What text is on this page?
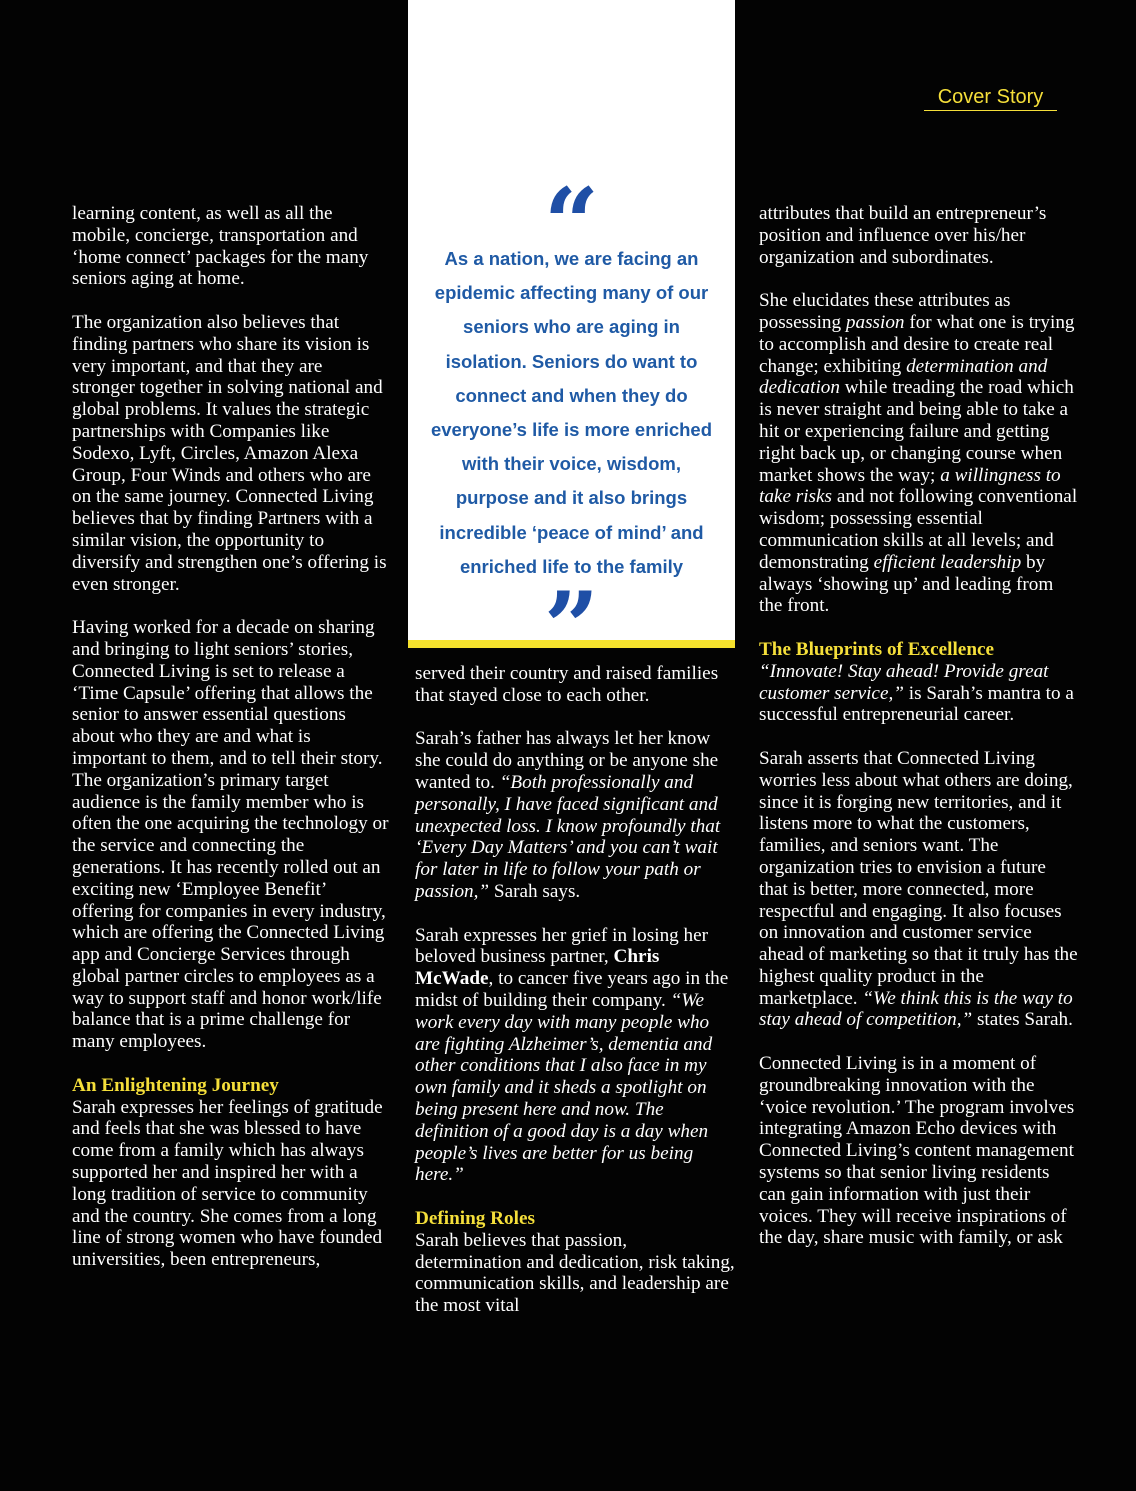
Cover Story
“
As a nation, we are facing an epidemic affecting many of our seniors who are aging in isolation. Seniors do want to connect and when they do everyone’s life is more enriched with their voice, wisdom, purpose and it also brings incredible ‘peace of mind’ and enriched life to the family
”

learning content, as well as all the mobile, concierge, transportation and ‘home connect’ packages for the many seniors aging at home.

The organization also believes that finding partners who share its vision is very important, and that they are stronger together in solving national and global problems. It values the strategic partnerships with Companies like Sodexo, Lyft, Circles, Amazon Alexa Group, Four Winds and others who are on the same journey. Connected Living believes that by finding Partners with a similar vision, the opportunity to diversify and strengthen one’s offering is even stronger.

Having worked for a decade on sharing and bringing to light seniors’ stories, Connected Living is set to release a ‘Time Capsule’ offering that allows the senior to answer essential questions about who they are and what is important to them, and to tell their story. The organization’s primary target audience is the family member who is often the one acquiring the technology or the service and connecting the generations. It has recently rolled out an exciting new ‘Employee Benefit’ offering for companies in every industry, which are offering the Connected Living app and Concierge Services through global partner circles to employees as a way to support staff and honor work/life balance that is a prime challenge for many employees.

An Enlightening Journey
Sarah expresses her feelings of gratitude and feels that she was blessed to have come from a family which has always supported her and inspired her with a long tradition of service to community and the country. She comes from a long line of strong women who have founded universities, been entrepreneurs,

served their country and raised families that stayed close to each other.

Sarah’s father has always let her know she could do anything or be anyone she wanted to. “Both professionally and personally, I have faced significant and unexpected loss. I know profoundly that ‘Every Day Matters’ and you can’t wait for later in life to follow your path or passion,” Sarah says.

Sarah expresses her grief in losing her beloved business partner, Chris McWade, to cancer five years ago in the midst of building their company. “We work every day with many people who are fighting Alzheimer’s, dementia and other conditions that I also face in my own family and it sheds a spotlight on being present here and now. The definition of a good day is a day when people’s lives are better for us being here.”

Defining Roles
Sarah believes that passion, determination and dedication, risk taking, communication skills, and leadership are the most vital

attributes that build an entrepreneur’s position and influence over his/her organization and subordinates.

She elucidates these attributes as possessing passion for what one is trying to accomplish and desire to create real change; exhibiting determination and dedication while treading the road which is never straight and being able to take a hit or experiencing failure and getting right back up, or changing course when market shows the way; a willingness to take risks and not following conventional wisdom; possessing essential communication skills at all levels; and demonstrating efficient leadership by always ‘showing up’ and leading from the front.

The Blueprints of Excellence
“Innovate! Stay ahead! Provide great customer service,” is Sarah’s mantra to a successful entrepreneurial career.

Sarah asserts that Connected Living worries less about what others are doing, since it is forging new territories, and it listens more to what the customers, families, and seniors want. The organization tries to envision a future that is better, more connected, more respectful and engaging. It also focuses on innovation and customer service ahead of marketing so that it truly has the highest quality product in the marketplace. “We think this is the way to stay ahead of competition,” states Sarah.

Connected Living is in a moment of groundbreaking innovation with the ‘voice revolution.’ The program involves integrating Amazon Echo devices with Connected Living’s content management systems so that senior living residents can gain information with just their voices. They will receive inspirations of the day, share music with family, or ask
